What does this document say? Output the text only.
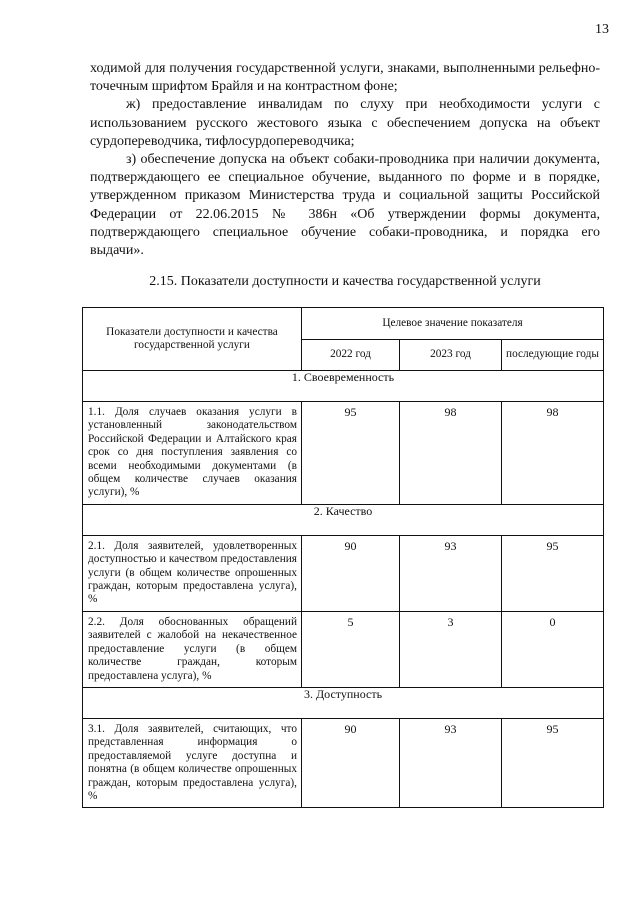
13

ходимой для получения государственной услуги, знаками, выполненными рельефно-точечным шрифтом Брайля и на контрастном фоне;

ж) предоставление инвалидам по слуху при необходимости услуги с использованием русского жестового языка с обеспечением допуска на объект сурдопереводчика, тифлосурдопереводчика;

з) обеспечение допуска на объект собаки-проводника при наличии документа, подтверждающего ее специальное обучение, выданного по форме и в порядке, утвержденном приказом Министерства труда и социальной защиты Российской Федерации от 22.06.2015 № 386н «Об утверждении формы документа, подтверждающего специальное обучение собаки-проводника, и порядка его выдачи».

2.15. Показатели доступности и качества государственной услуги
Показатели доступности и качества государственной услуги	Целевое значение показателя		
	2022 год	2023 год	последующие годы
1. Своевременность			
1.1. Доля случаев оказания услуги в установленный законодательством Российской Федерации и Алтайского края срок со дня поступления заявления со всеми необходимыми документами (в общем количестве случаев оказания услуги), %	95	98	98
2. Качество			
2.1. Доля заявителей, удовлетворенных доступностью и качеством предоставления услуги (в общем количестве опрошенных граждан, которым предоставлена услуга), %	90	93	95
2.2. Доля обоснованных обращений заявителей с жалобой на некачественное предоставление услуги (в общем количестве граждан, которым предоставлена услуга), %	5	3	0
3. Доступность			
3.1. Доля заявителей, считающих, что представленная информация о предоставляемой услуге доступна и понятна (в общем количестве опрошенных граждан, которым предоставлена услуга), %	90	93	95
